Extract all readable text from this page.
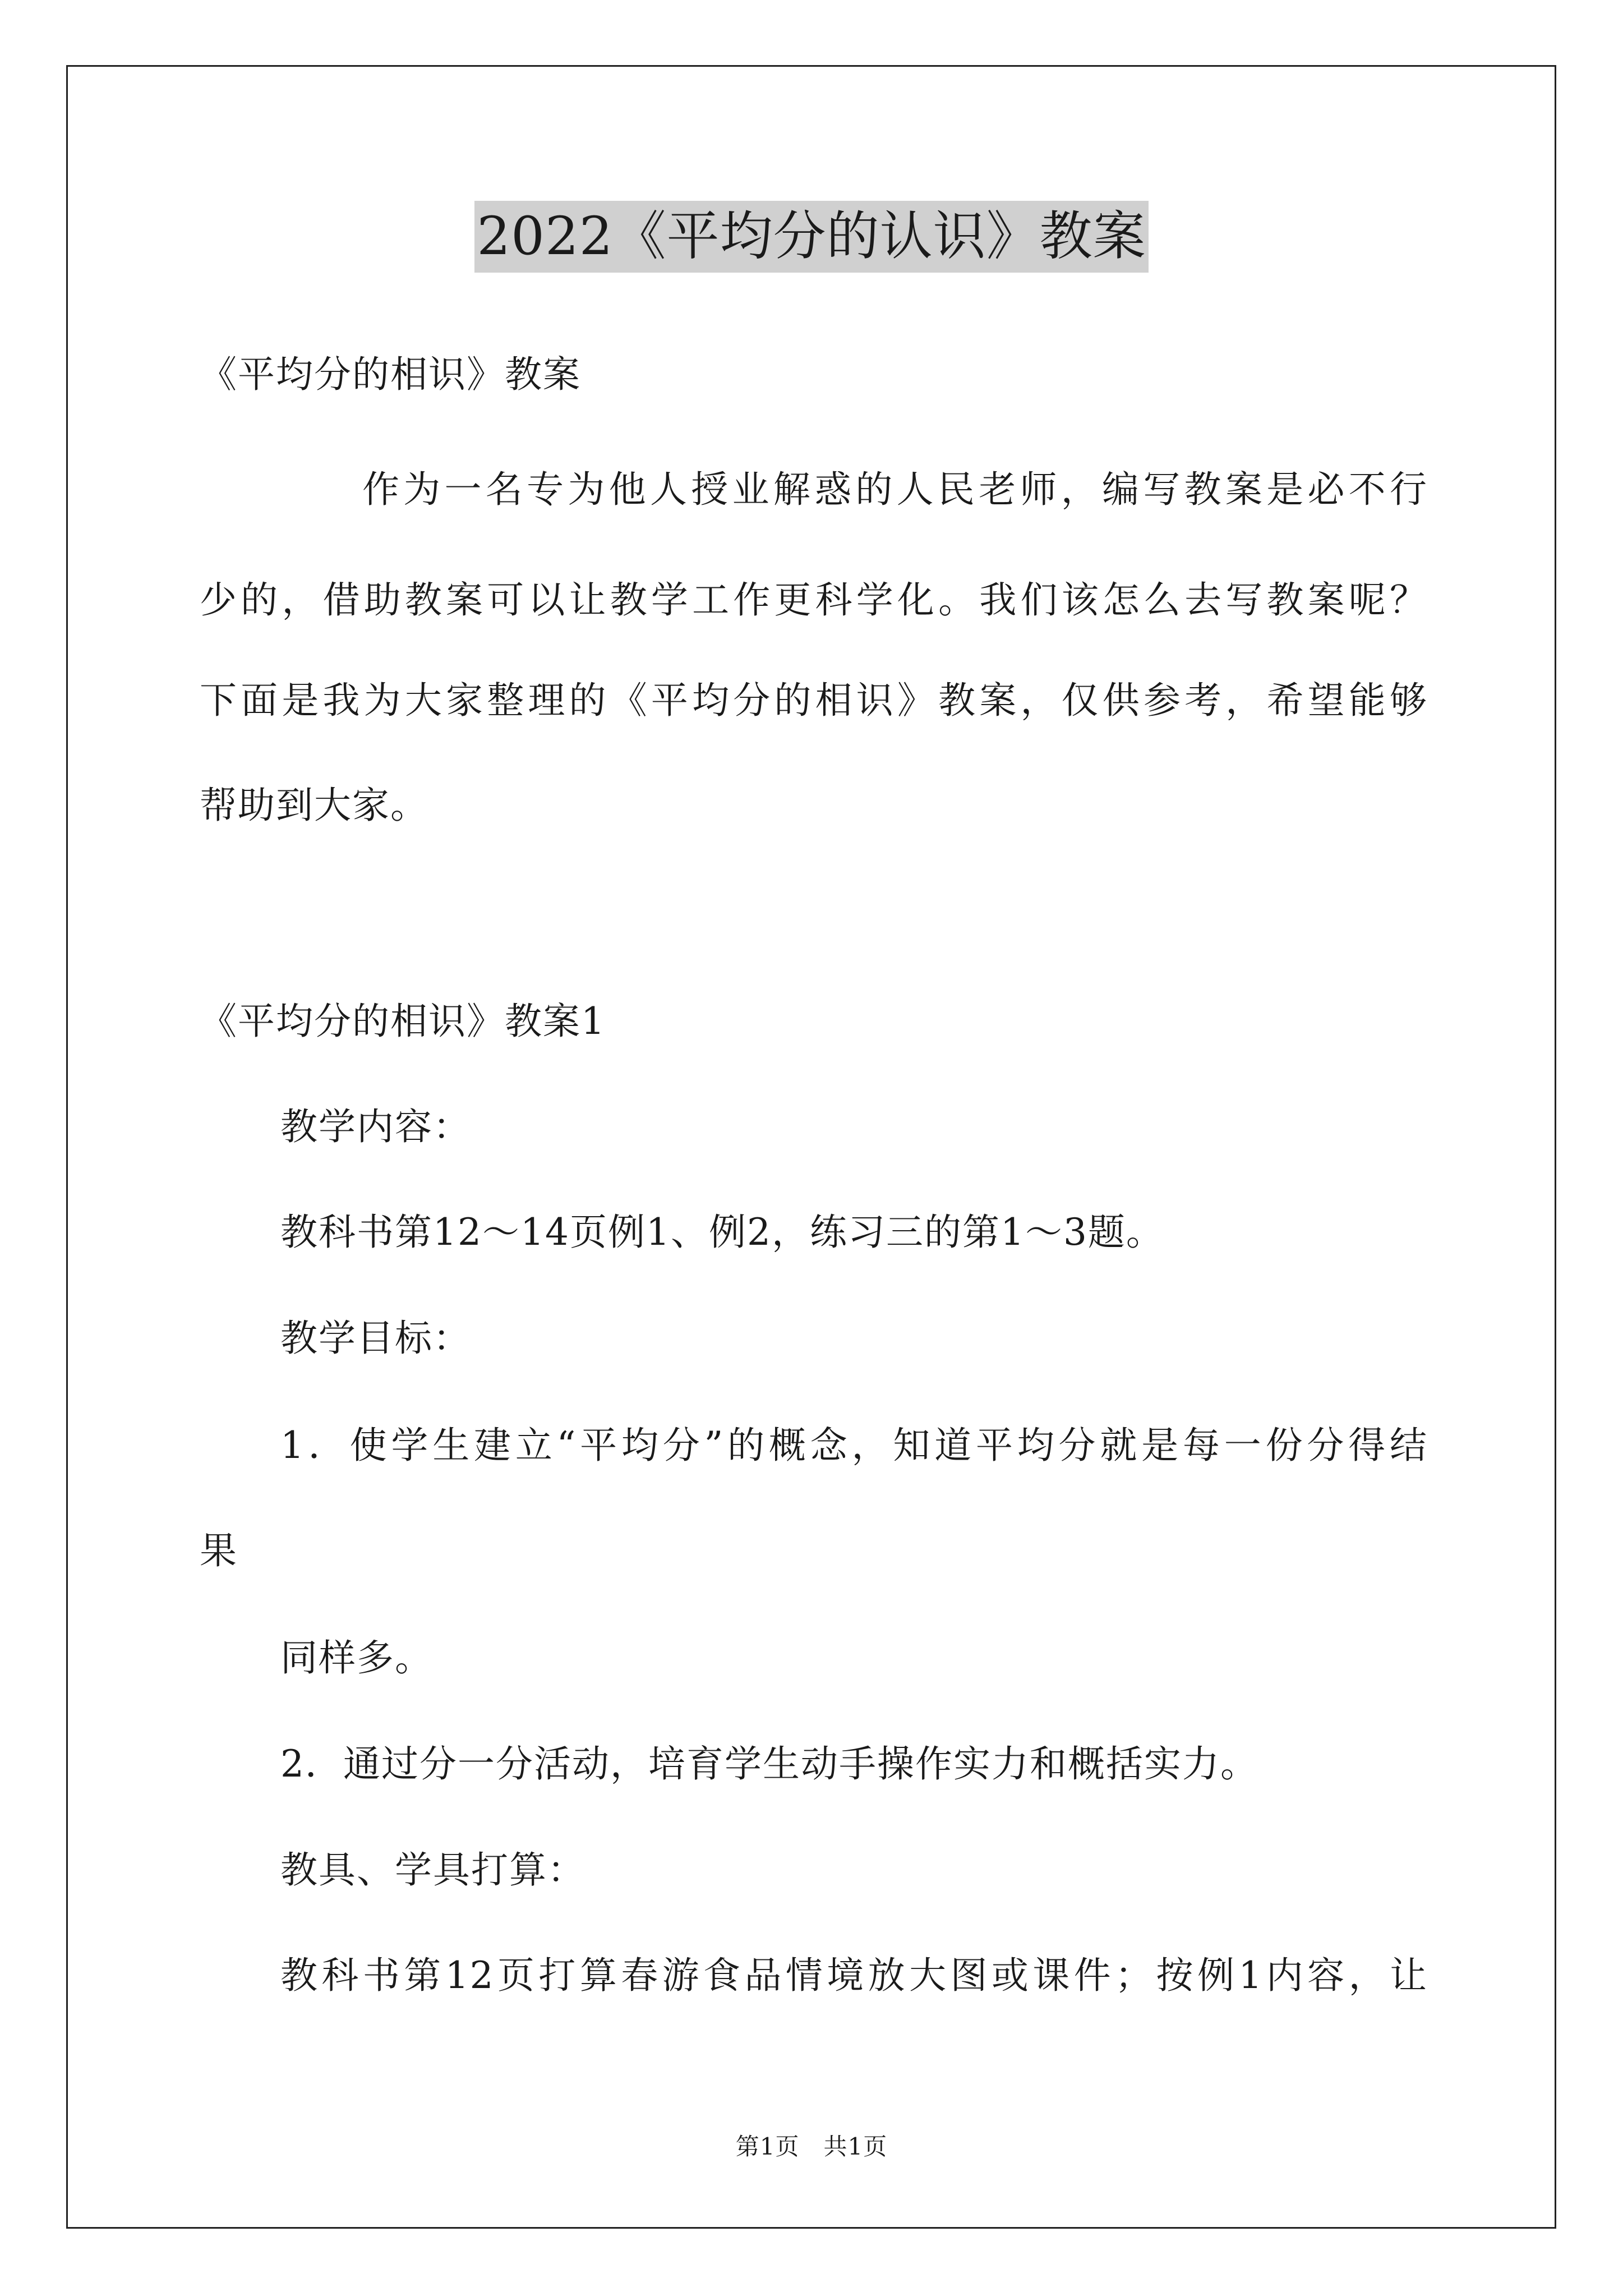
2022《平均分的认识》教案
《平均分的相识》教案
作为一名专为他人授业解惑的人民老师，编写教案是必不行
少的，借助教案可以让教学工作更科学化。我们该怎么去写教案呢？
下面是我为大家整理的《平均分的相识》教案，仅供参考，希望能够
帮助到大家。
《平均分的相识》教案1
教学内容：
教科书第12～14页例1、例2，练习三的第1～3题。
教学目标：
1．使学生建立“平均分”的概念，知道平均分就是每一份分得结
果
同样多。
2．通过分一分活动，培育学生动手操作实力和概括实力。
教具、学具打算：
教科书第12页打算春游食品情境放大图或课件；按例1内容，让
第1页　共1页
